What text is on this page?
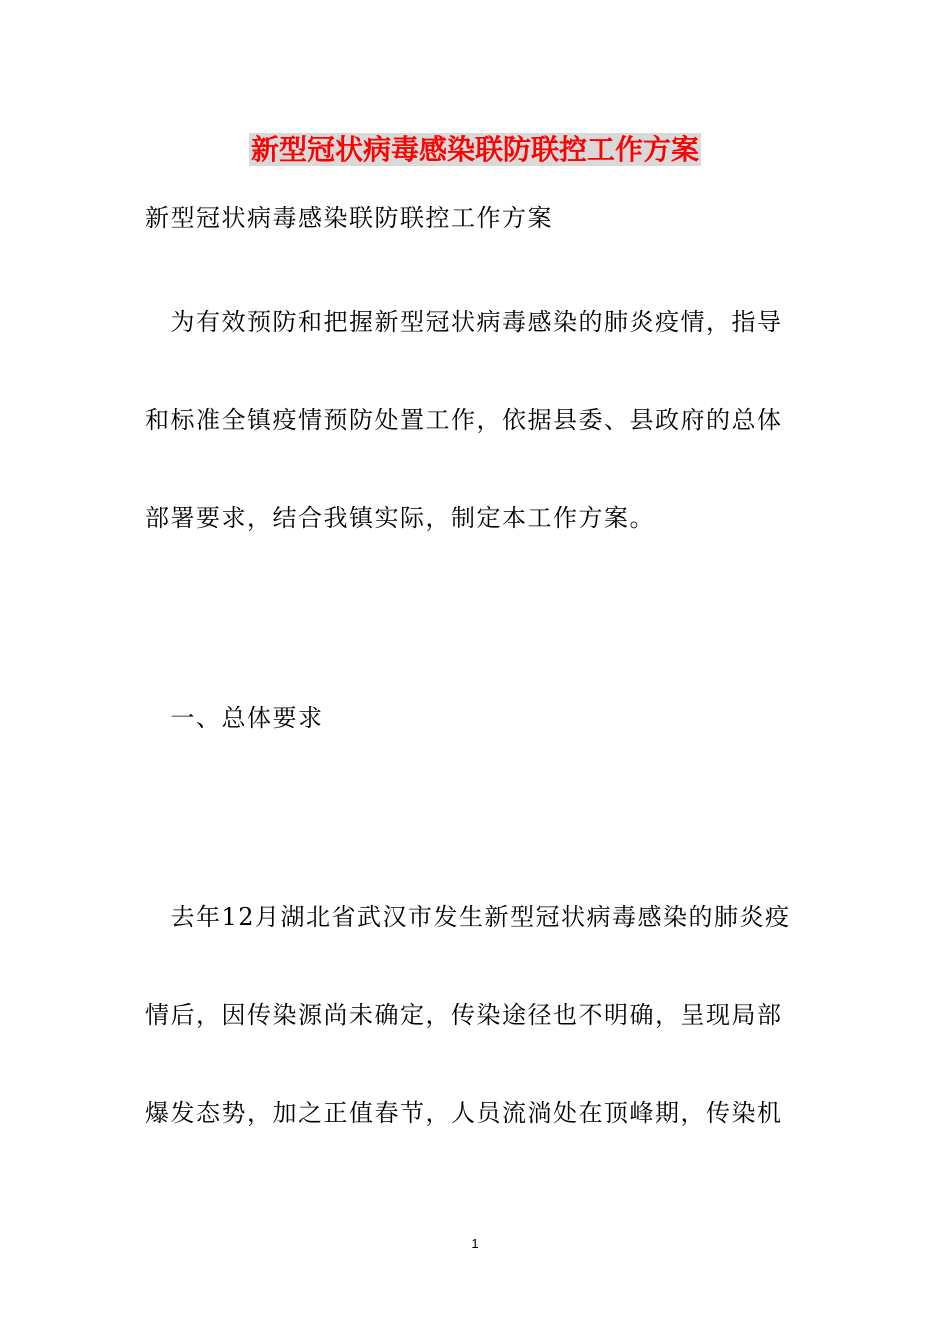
新型冠状病毒感染联防联控工作方案

新型冠状病毒感染联防联控工作方案

　为有效预防和把握新型冠状病毒感染的肺炎疫情，指导

和标准全镇疫情预防处置工作，依据县委、县政府的总体

部署要求，结合我镇实际，制定本工作方案。

　一、总体要求

　去年12月湖北省武汉市发生新型冠状病毒感染的肺炎疫

情后，因传染源尚未确定，传染途径也不明确，呈现局部

爆发态势，加之正值春节，人员流淌处在顶峰期，传染机

1
